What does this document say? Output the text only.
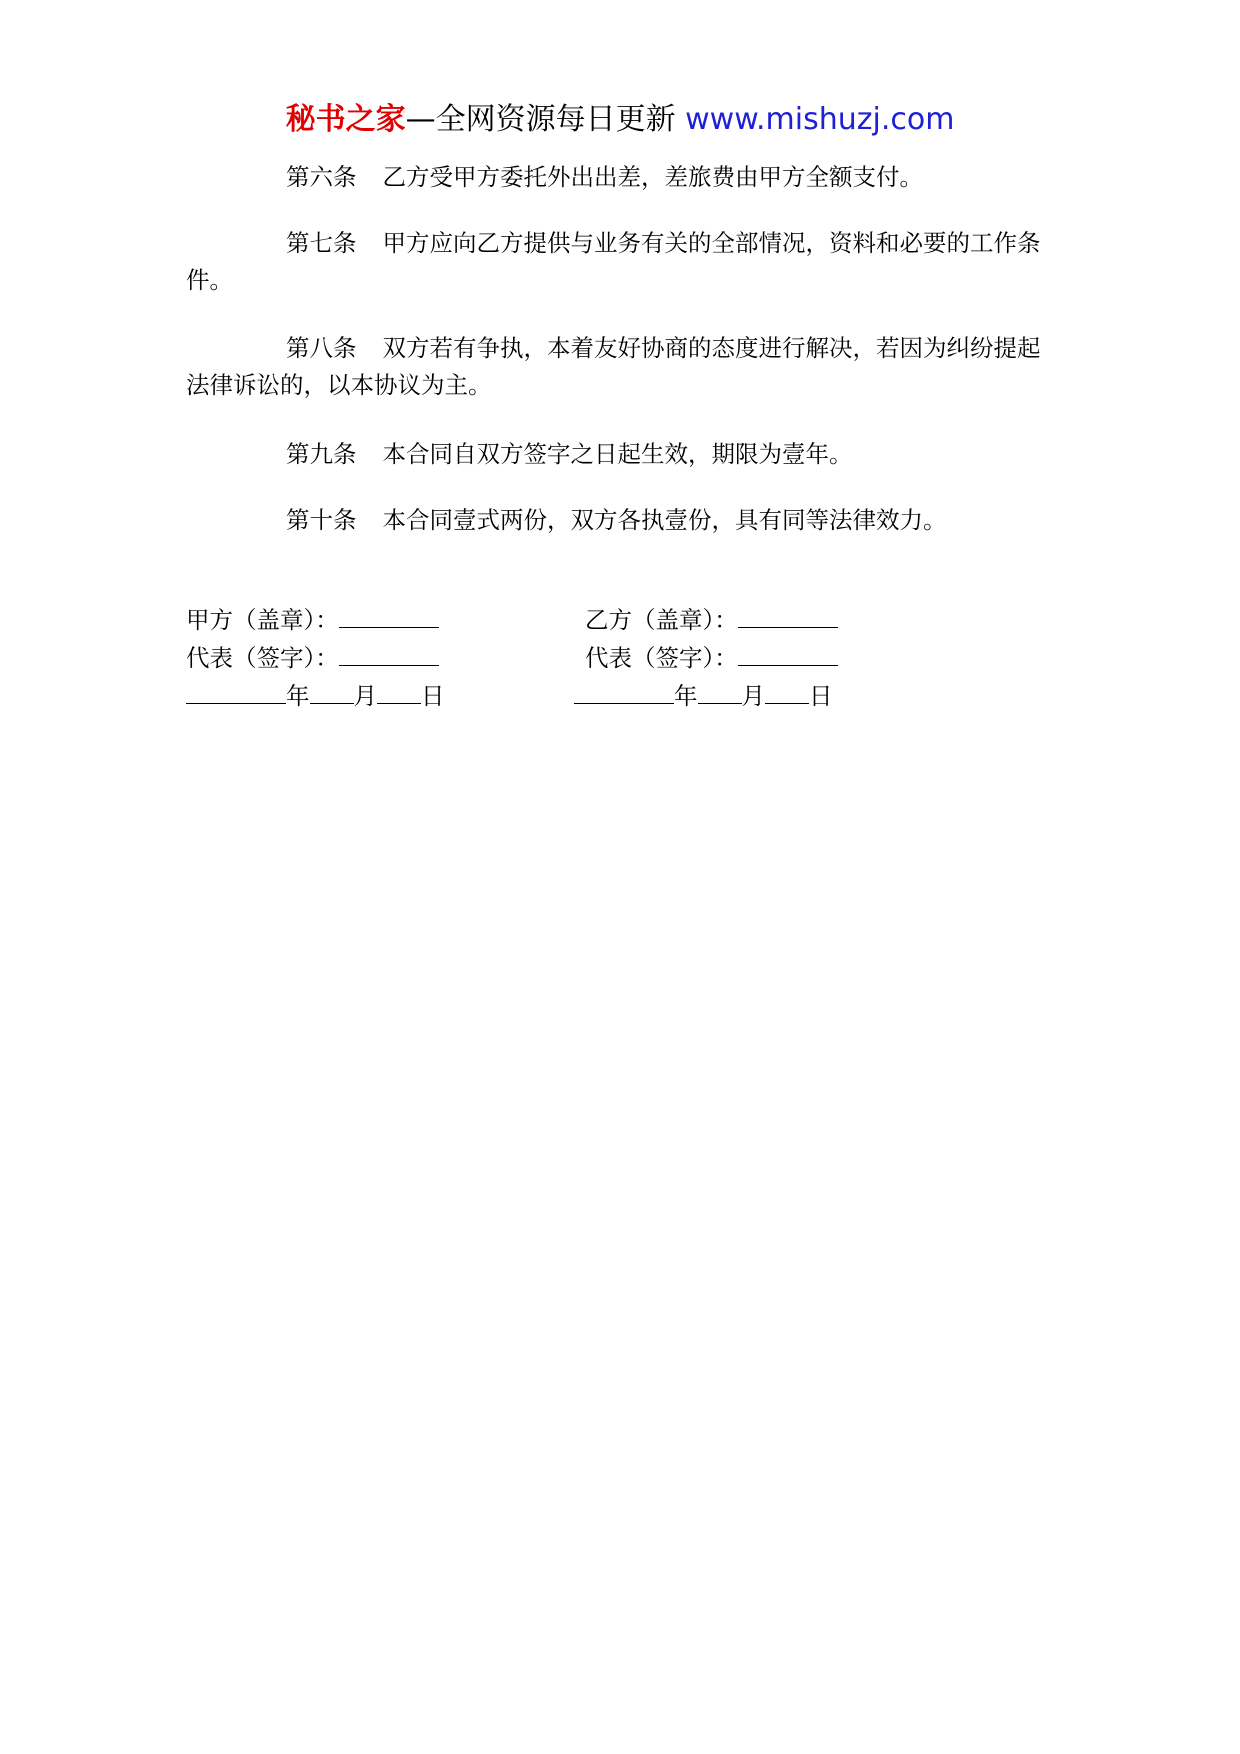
秘书之家—全网资源每日更新 www.mishuzj.com

第六条 乙方受甲方委托外出出差，差旅费由甲方全额支付。

第七条 甲方应向乙方提供与业务有关的全部情况，资料和必要的工作条件。

第八条 双方若有争执，本着友好协商的态度进行解决，若因为纠纷提起法律诉讼的，以本协议为主。

第九条 本合同自双方签字之日起生效，期限为壹年。

第十条 本合同壹式两份，双方各执壹份，具有同等法律效力。

甲方（盖章）：	乙方（盖章）：
代表（签字）：	代表（签字）：
年 月 日	年 月 日
